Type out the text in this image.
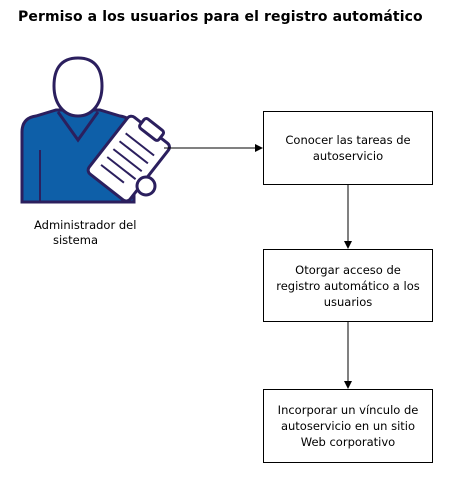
Permiso a los usuarios para el registro automático
Administrador del
sistema
Conocer las tareas de
autoservicio
Otorgar acceso de
registro automático a los
usuarios
Incorporar un vínculo de
autoservicio en un sitio
Web corporativo
